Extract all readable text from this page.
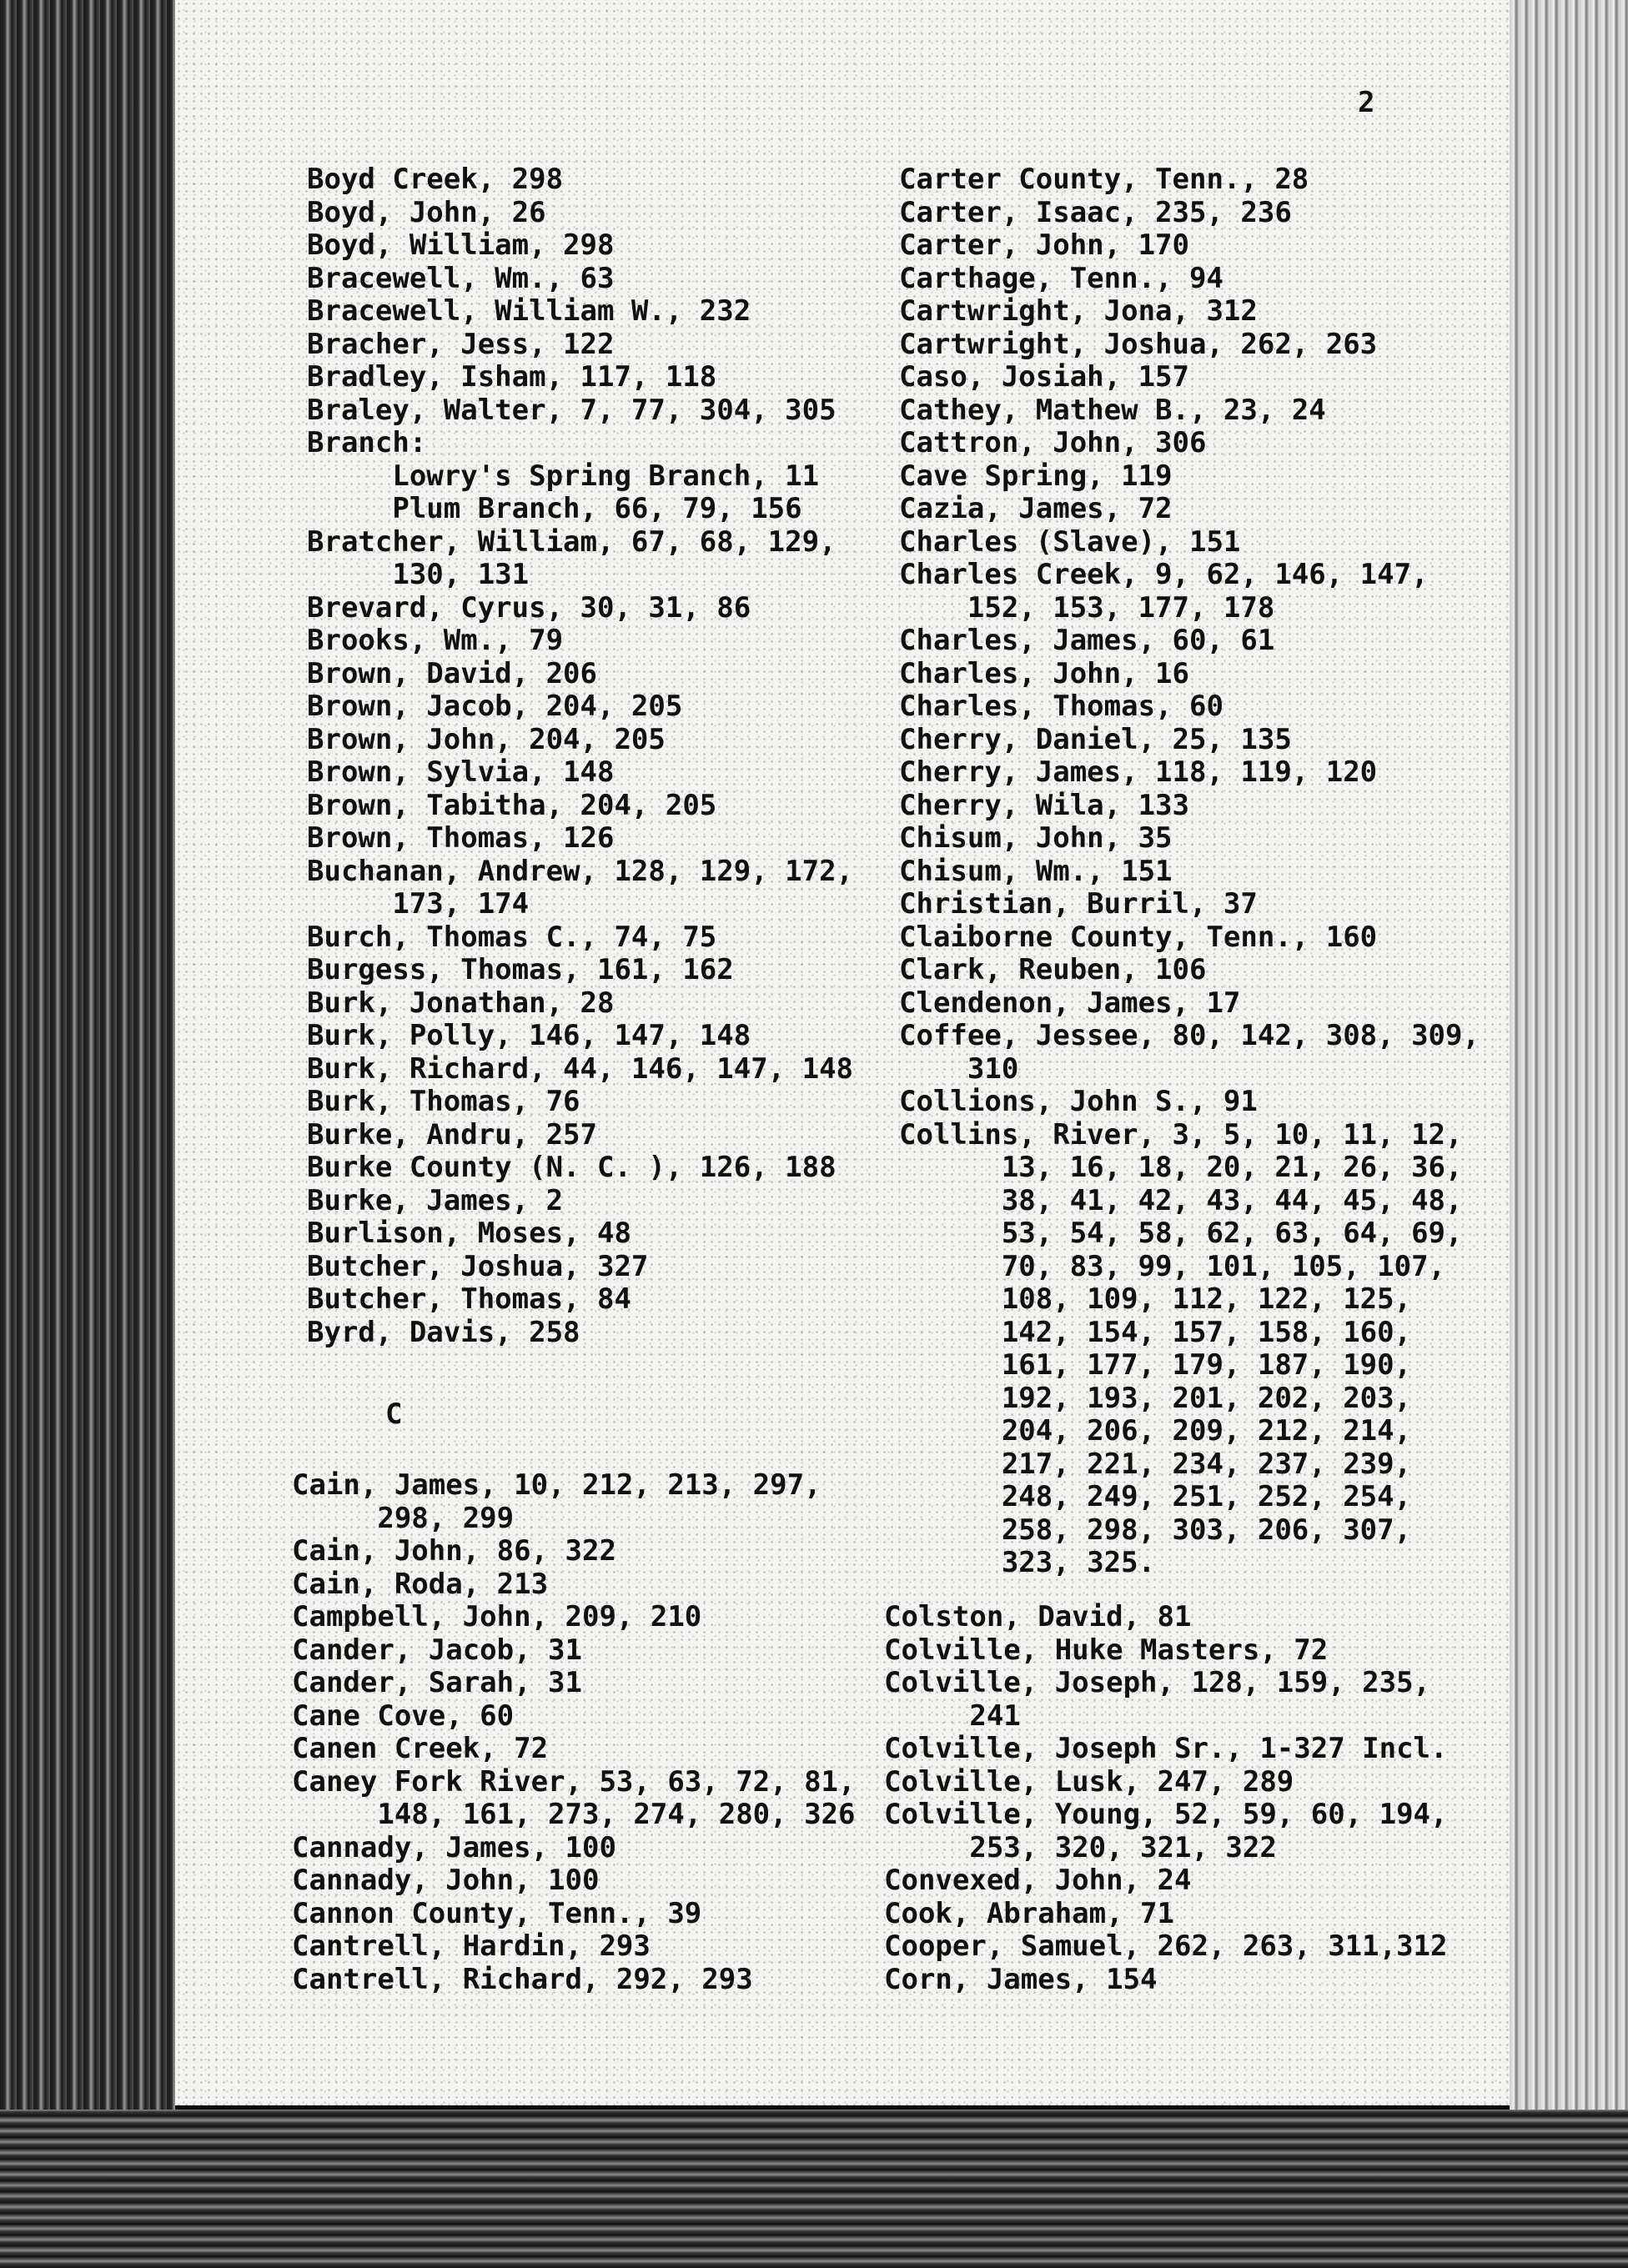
2
Boyd Creek, 298
Boyd, John, 26
Boyd, William, 298
Bracewell, Wm., 63
Bracewell, William W., 232
Bracher, Jess, 122
Bradley, Isham, 117, 118
Braley, Walter, 7, 77, 304, 305
Branch:
Lowry's Spring Branch, 11
Plum Branch, 66, 79, 156
Bratcher, William, 67, 68, 129,
130, 131
Brevard, Cyrus, 30, 31, 86
Brooks, Wm., 79
Brown, David, 206
Brown, Jacob, 204, 205
Brown, John, 204, 205
Brown, Sylvia, 148
Brown, Tabitha, 204, 205
Brown, Thomas, 126
Buchanan, Andrew, 128, 129, 172,
173, 174
Burch, Thomas C., 74, 75
Burgess, Thomas, 161, 162
Burk, Jonathan, 28
Burk, Polly, 146, 147, 148
Burk, Richard, 44, 146, 147, 148
Burk, Thomas, 76
Burke, Andru, 257
Burke County (N. C. ), 126, 188
Burke, James, 2
Burlison, Moses, 48
Butcher, Joshua, 327
Butcher, Thomas, 84
Byrd, Davis, 258
C
Cain, James, 10, 212, 213, 297,
298, 299
Cain, John, 86, 322
Cain, Roda, 213
Campbell, John, 209, 210
Cander, Jacob, 31
Cander, Sarah, 31
Cane Cove, 60
Canen Creek, 72
Caney Fork River, 53, 63, 72, 81,
148, 161, 273, 274, 280, 326
Cannady, James, 100
Cannady, John, 100
Cannon County, Tenn., 39
Cantrell, Hardin, 293
Cantrell, Richard, 292, 293
Carter County, Tenn., 28
Carter, Isaac, 235, 236
Carter, John, 170
Carthage, Tenn., 94
Cartwright, Jona, 312
Cartwright, Joshua, 262, 263
Caso, Josiah, 157
Cathey, Mathew B., 23, 24
Cattron, John, 306
Cave Spring, 119
Cazia, James, 72
Charles (Slave), 151
Charles Creek, 9, 62, 146, 147,
152, 153, 177, 178
Charles, James, 60, 61
Charles, John, 16
Charles, Thomas, 60
Cherry, Daniel, 25, 135
Cherry, James, 118, 119, 120
Cherry, Wila, 133
Chisum, John, 35
Chisum, Wm., 151
Christian, Burril, 37
Claiborne County, Tenn., 160
Clark, Reuben, 106
Clendenon, James, 17
Coffee, Jessee, 80, 142, 308, 309,
310
Collions, John S., 91
Collins, River, 3, 5, 10, 11, 12,
13, 16, 18, 20, 21, 26, 36,
38, 41, 42, 43, 44, 45, 48,
53, 54, 58, 62, 63, 64, 69,
70, 83, 99, 101, 105, 107,
108, 109, 112, 122, 125,
142, 154, 157, 158, 160,
161, 177, 179, 187, 190,
192, 193, 201, 202, 203,
204, 206, 209, 212, 214,
217, 221, 234, 237, 239,
248, 249, 251, 252, 254,
258, 298, 303, 206, 307,
323, 325.
Colston, David, 81
Colville, Huke Masters, 72
Colville, Joseph, 128, 159, 235,
241
Colville, Joseph Sr., 1-327 Incl.
Colville, Lusk, 247, 289
Colville, Young, 52, 59, 60, 194,
253, 320, 321, 322
Convexed, John, 24
Cook, Abraham, 71
Cooper, Samuel, 262, 263, 311,312
Corn, James, 154
